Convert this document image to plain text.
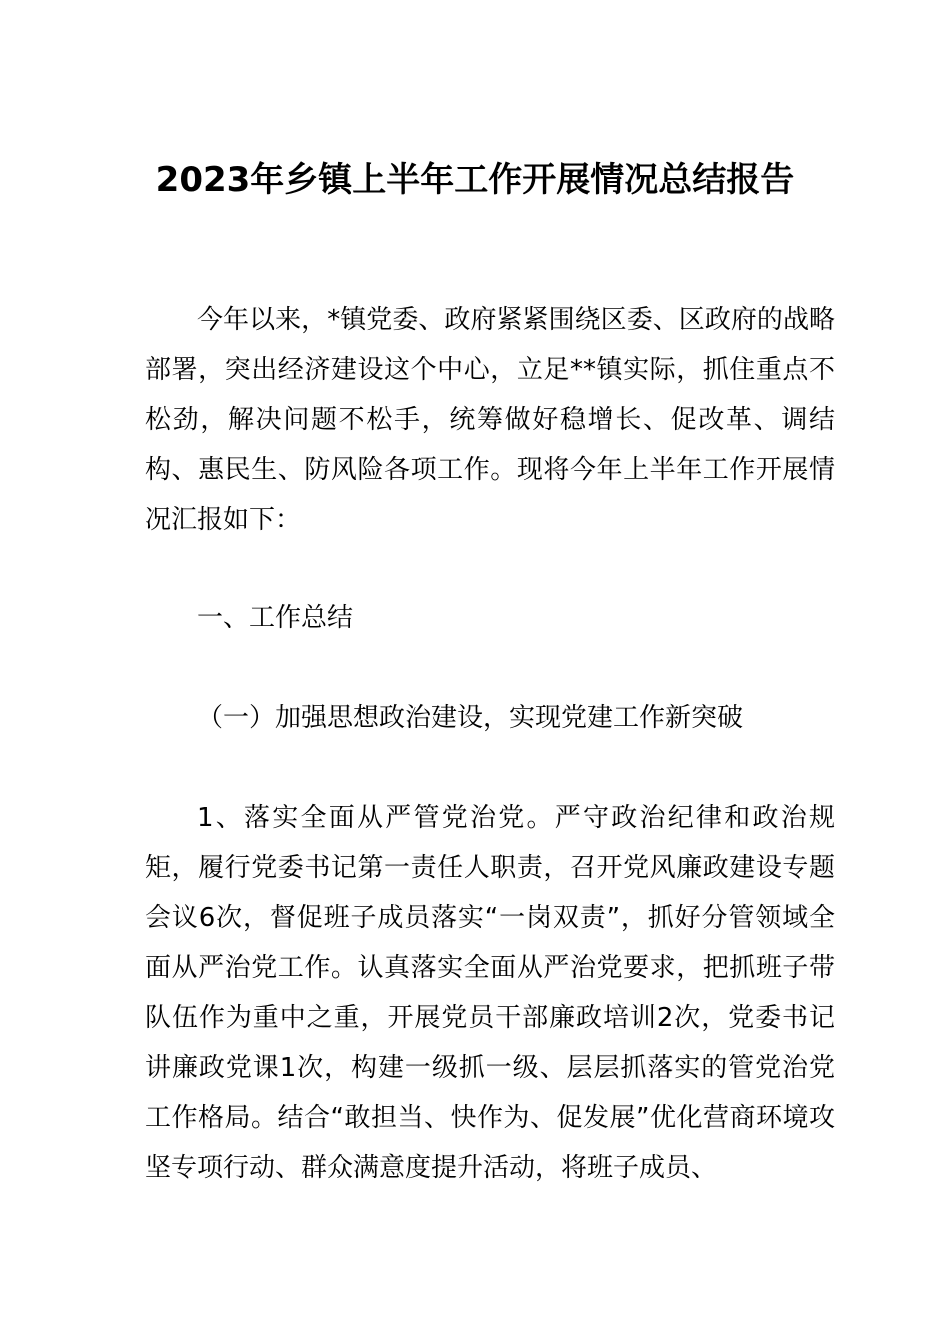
2023年乡镇上半年工作开展情况总结报告
今年以来，*镇党委、政府紧紧围绕区委、区政府的战略部署，突出经济建设这个中心，立足**镇实际，抓住重点不松劲，解决问题不松手，统筹做好稳增长、促改革、调结构、惠民生、防风险各项工作。现将今年上半年工作开展情况汇报如下：
一、工作总结
（一）加强思想政治建设，实现党建工作新突破
1、落实全面从严管党治党。严守政治纪律和政治规矩，履行党委书记第一责任人职责，召开党风廉政建设专题会议6次，督促班子成员落实“一岗双责”，抓好分管领域全面从严治党工作。认真落实全面从严治党要求，把抓班子带队伍作为重中之重，开展党员干部廉政培训2次，党委书记讲廉政党课1次，构建一级抓一级、层层抓落实的管党治党工作格局。结合“敢担当、快作为、促发展”优化营商环境攻坚专项行动、群众满意度提升活动，将班子成员、
